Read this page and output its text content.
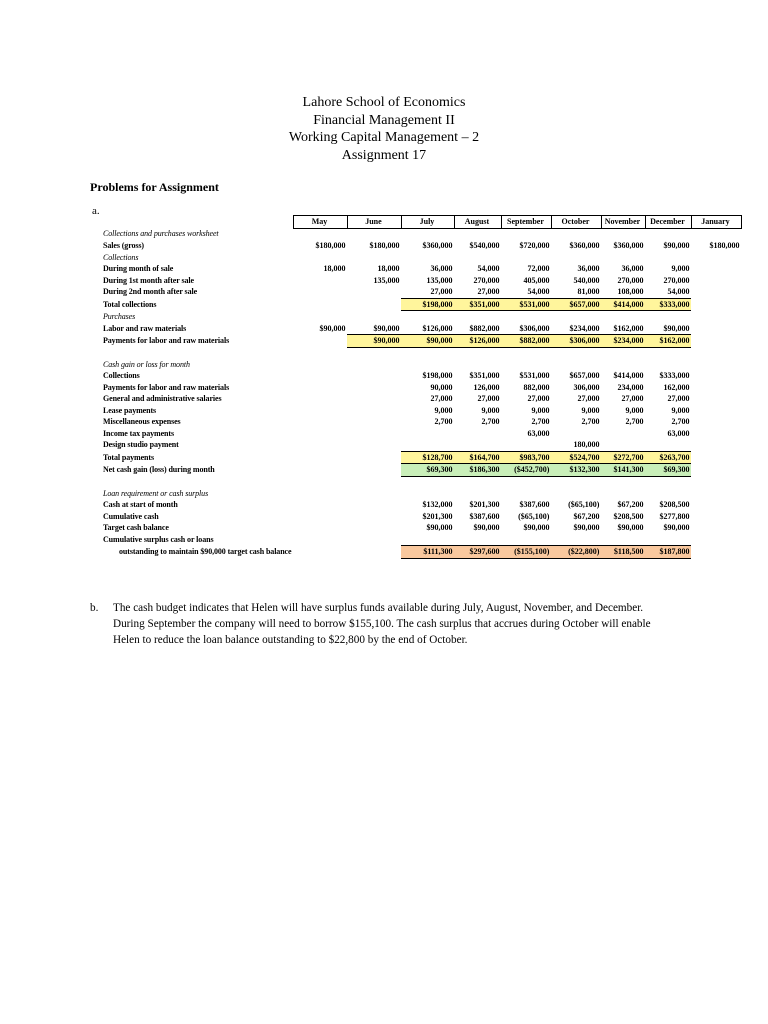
Lahore School of Economics
Financial Management II
Working Capital Management – 2
Assignment 17
Problems for Assignment
a.
	May	June	July	August	September	October	November	December	January
Collections and purchases worksheet									
Sales (gross)	$180,000	$180,000	$360,000	$540,000	$720,000	$360,000	$360,000	$90,000	$180,000
Collections									
During month of sale	18,000	18,000	36,000	54,000	72,000	36,000	36,000	9,000	
During 1st month after sale		135,000	135,000	270,000	405,000	540,000	270,000	270,000	
During 2nd month after sale			27,000	27,000	54,000	81,000	108,000	54,000	
Total collections			$198,000	$351,000	$531,000	$657,000	$414,000	$333,000	
Purchases									
Labor and raw materials	$90,000	$90,000	$126,000	$882,000	$306,000	$234,000	$162,000	$90,000	
Payments for labor and raw materials		$90,000	$90,000	$126,000	$882,000	$306,000	$234,000	$162,000	

Cash gain or loss for month									
Collections			$198,000	$351,000	$531,000	$657,000	$414,000	$333,000	
Payments for labor and raw materials			90,000	126,000	882,000	306,000	234,000	162,000	
General and administrative salaries			27,000	27,000	27,000	27,000	27,000	27,000	
Lease payments			9,000	9,000	9,000	9,000	9,000	9,000	
Miscellaneous expenses			2,700	2,700	2,700	2,700	2,700	2,700	
Income tax payments					63,000			63,000	
Design studio payment						180,000			
Total payments			$128,700	$164,700	$983,700	$524,700	$272,700	$263,700	
Net cash gain (loss) during month			$69,300	$186,300	($452,700)	$132,300	$141,300	$69,300	

Loan requirement or cash surplus									
Cash at start of month			$132,000	$201,300	$387,600	($65,100)	$67,200	$208,500	
Cumulative cash			$201,300	$387,600	($65,100)	$67,200	$208,500	$277,800	
Target cash balance			$90,000	$90,000	$90,000	$90,000	$90,000	$90,000	
Cumulative surplus cash or loans									
outstanding to maintain $90,000 target cash balance			$111,300	$297,600	($155,100)	($22,800)	$118,500	$187,800	
b. The cash budget indicates that Helen will have surplus funds available during July, August, November, and December. During September the company will need to borrow $155,100. The cash surplus that accrues during October will enable Helen to reduce the loan balance outstanding to $22,800 by the end of October.
